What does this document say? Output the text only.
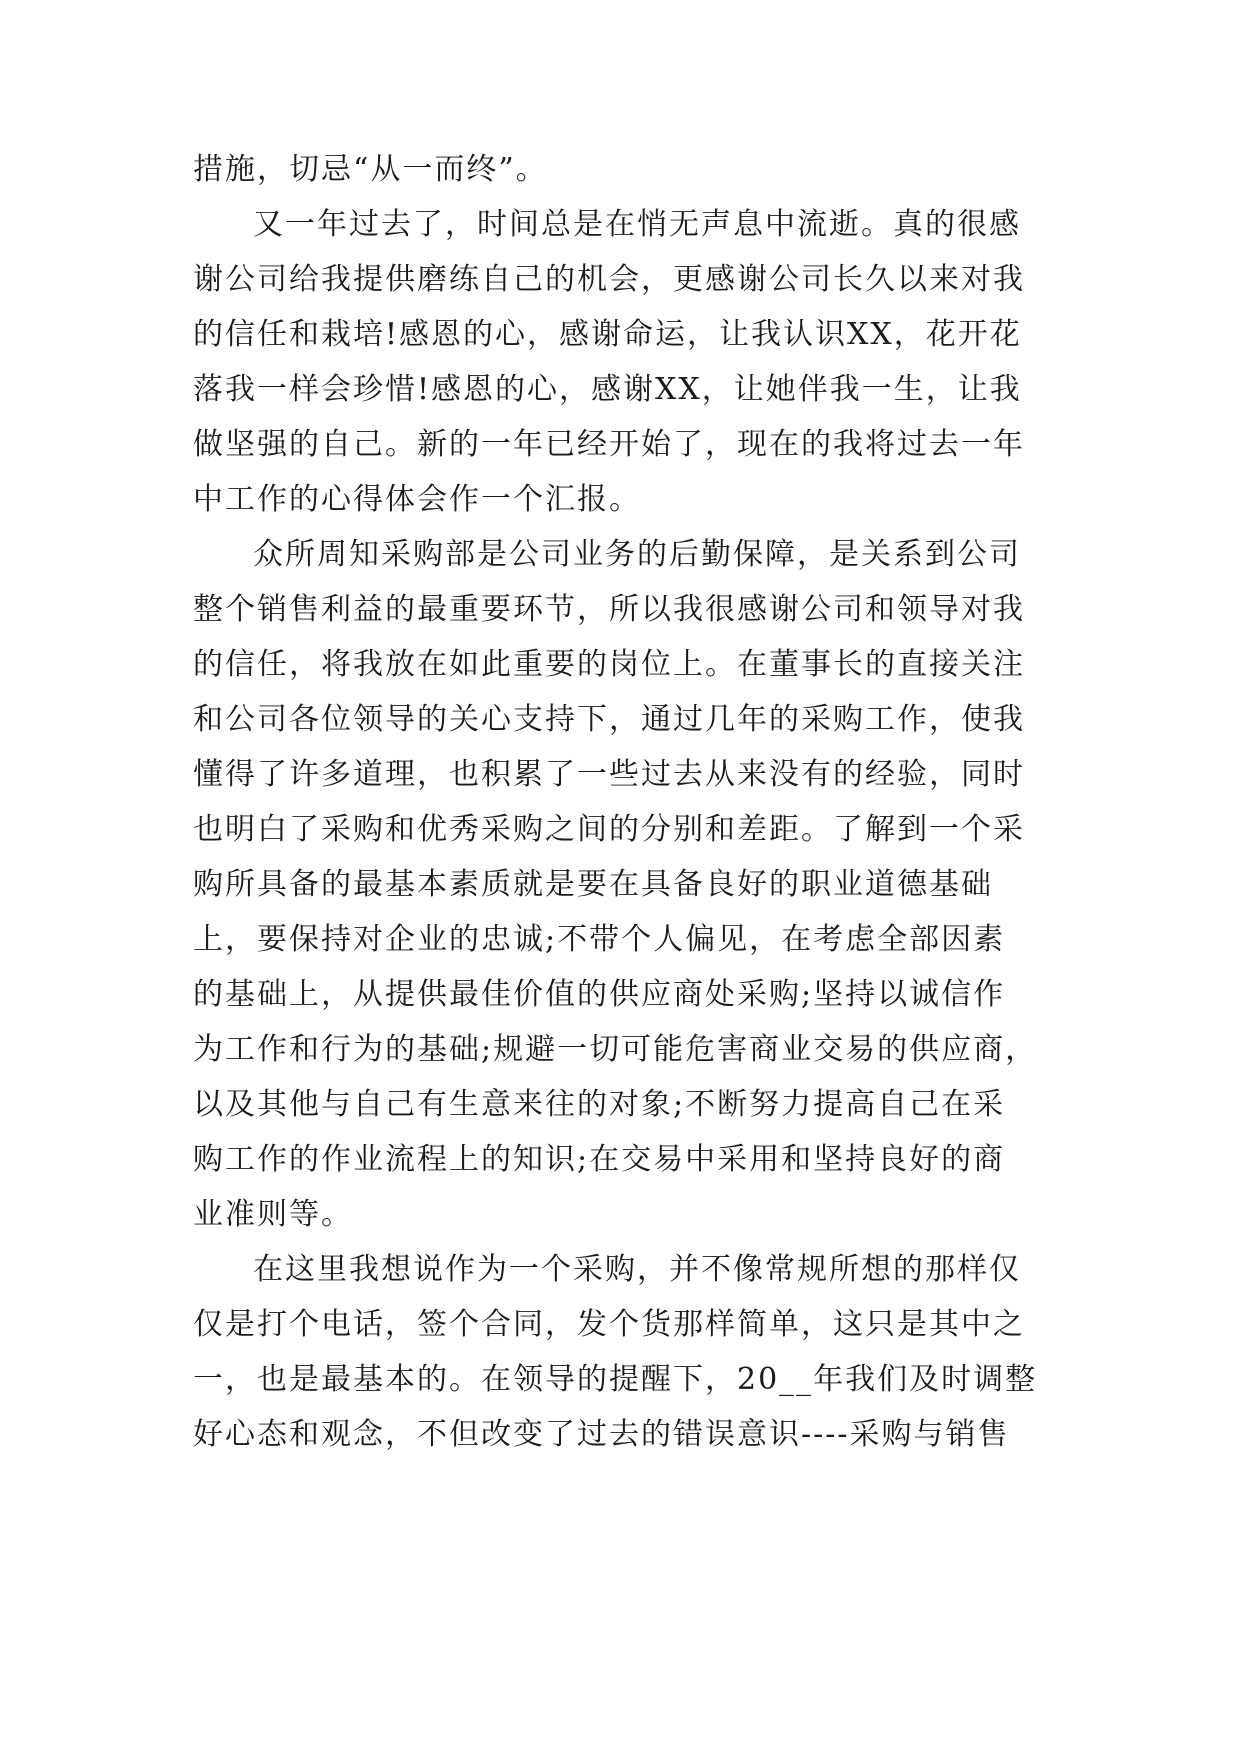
措施，切忌“从一而终”。
又一年过去了，时间总是在悄无声息中流逝。真的很感
谢公司给我提供磨练自己的机会，更感谢公司长久以来对我
的信任和栽培!感恩的心，感谢命运，让我认识XX，花开花
落我一样会珍惜!感恩的心，感谢XX，让她伴我一生，让我
做坚强的自己。新的一年已经开始了，现在的我将过去一年
中工作的心得体会作一个汇报。
众所周知采购部是公司业务的后勤保障，是关系到公司
整个销售利益的最重要环节，所以我很感谢公司和领导对我
的信任，将我放在如此重要的岗位上。在董事长的直接关注
和公司各位领导的关心支持下，通过几年的采购工作，使我
懂得了许多道理，也积累了一些过去从来没有的经验，同时
也明白了采购和优秀采购之间的分别和差距。了解到一个采
购所具备的最基本素质就是要在具备良好的职业道德基础
上，要保持对企业的忠诚;不带个人偏见，在考虑全部因素
的基础上，从提供最佳价值的供应商处采购;坚持以诚信作
为工作和行为的基础;规避一切可能危害商业交易的供应商，
以及其他与自己有生意来往的对象;不断努力提高自己在采
购工作的作业流程上的知识;在交易中采用和坚持良好的商
业准则等。
在这里我想说作为一个采购，并不像常规所想的那样仅
仅是打个电话，签个合同，发个货那样简单，这只是其中之
一，也是最基本的。在领导的提醒下，20__年我们及时调整
好心态和观念，不但改变了过去的错误意识----采购与销售
